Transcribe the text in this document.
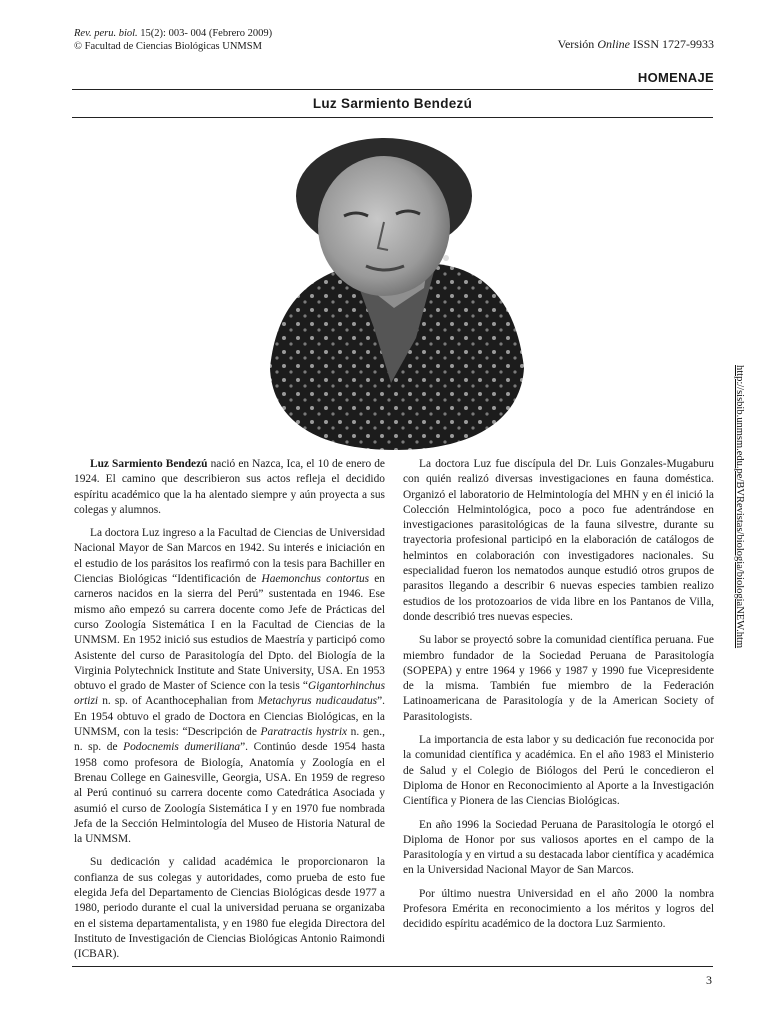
Rev. peru. biol. 15(2): 003- 004 (Febrero 2009)
© Facultad de Ciencias Biológicas UNMSM	Versión Online ISSN 1727-9933
HOMENAJE
Luz Sarmiento Bendezú
http://sisbib.unmsm.edu.pe/BVRevistas/biologia/biologiaNEW.htm

Luz Sarmiento Bendezú nació en Nazca, Ica, el 10 de enero de 1924. El camino que describieron sus actos refleja el decidido espíritu académico que la ha alentado siempre y aún proyecta a sus colegas y alumnos.

La doctora Luz ingreso a la Facultad de Ciencias de Universidad Nacional Mayor de San Marcos en 1942. Su interés e iniciación en el estudio de los parásitos los reafirmó con la tesis para Bachiller en Ciencias Biológicas “Identificación de Haemonchus contortus en carneros nacidos en la sierra del Perú” sustentada en 1946. Ese mismo año empezó su carrera docente como Jefe de Prácticas del curso Zoología Sistemática I en la Facultad de Ciencias de la UNMSM. En 1952 inició sus estudios de Maestría y participó como Asistente del curso de Parasitología del Dpto. del Biología de la Virginia Polytechnick Institute and State University, USA. En 1953 obtuvo el grado de Master of Science con la tesis “Gigantorhinchus ortizi n. sp. of Acanthocephalian from Metachyrus nudicaudatus”. En 1954 obtuvo el grado de Doctora en Ciencias Biológicas, en la UNMSM, con la tesis: “Descripción de Paratractis hystrix n. gen., n. sp. de Podocnemis dumeriliana”. Continúo desde 1954 hasta 1958 como profesora de Biología, Anatomía y Zoología en el Brenau College en Gainesville, Georgia, USA. En 1959 de regreso al Perú continuó su carrera docente como Catedrática Asociada y asumió el curso de Zoología Sistemática I y en 1970 fue nombrada Jefa de la Sección Helmintología del Museo de Historia Natural de la UNMSM.

Su dedicación y calidad académica le proporcionaron la confianza de sus colegas y autoridades, como prueba de esto fue elegida Jefa del Departamento de Ciencias Biológicas desde 1977 a 1980, periodo durante el cual la universidad peruana se organizaba en el sistema departamentalista, y en 1980 fue elegida Directora del Instituto de Investigación de Ciencias Biológicas Antonio Raimondi (ICBAR).

La doctora Luz fue discípula del Dr. Luis Gonzales-Mugaburu con quién realizó diversas investigaciones en fauna doméstica. Organizó el laboratorio de Helmintología del MHN y en él inició la Colección Helmintológica, poco a poco fue adentrándose en investigaciones parasitológicas de la fauna silvestre, durante su trayectoria profesional participó en la elaboración de catálogos de helmintos en colaboración con investigadores nacionales. Su especialidad fueron los nematodos aunque estudió otros grupos de parasitos llegando a describir 6 nuevas especies tambien realizo estudios de los protozoarios de vida libre en los Pantanos de Villa, donde describió tres nuevas especies.

Su labor se proyectó sobre la comunidad científica peruana. Fue miembro fundador de la Sociedad Peruana de Parasitología (SOPEPA) y entre 1964 y 1966 y 1987 y 1990 fue Vicepresidente de la misma. También fue miembro de la Federación Latinoamericana de Parasitología y de la American Society of Parasitologists.

La importancia de esta labor y su dedicación fue reconocida por la comunidad científica y académica. En el año 1983 el Ministerio de Salud y el Colegio de Biólogos del Perú le concedieron el Diploma de Honor en Reconocimiento al Aporte a la Investigación Científica y Pionera de las Ciencias Biológicas.

En año 1996 la Sociedad Peruana de Parasitología le otorgó el Diploma de Honor por sus valiosos aportes en el campo de la Parasitología y en virtud a su destacada labor científica y académica en la Universidad Nacional Mayor de San Marcos.

Por último nuestra Universidad en el año 2000 la nombra Profesora Emérita en reconocimiento a los méritos y logros del decidido espíritu académico de la doctora Luz Sarmiento.

3
